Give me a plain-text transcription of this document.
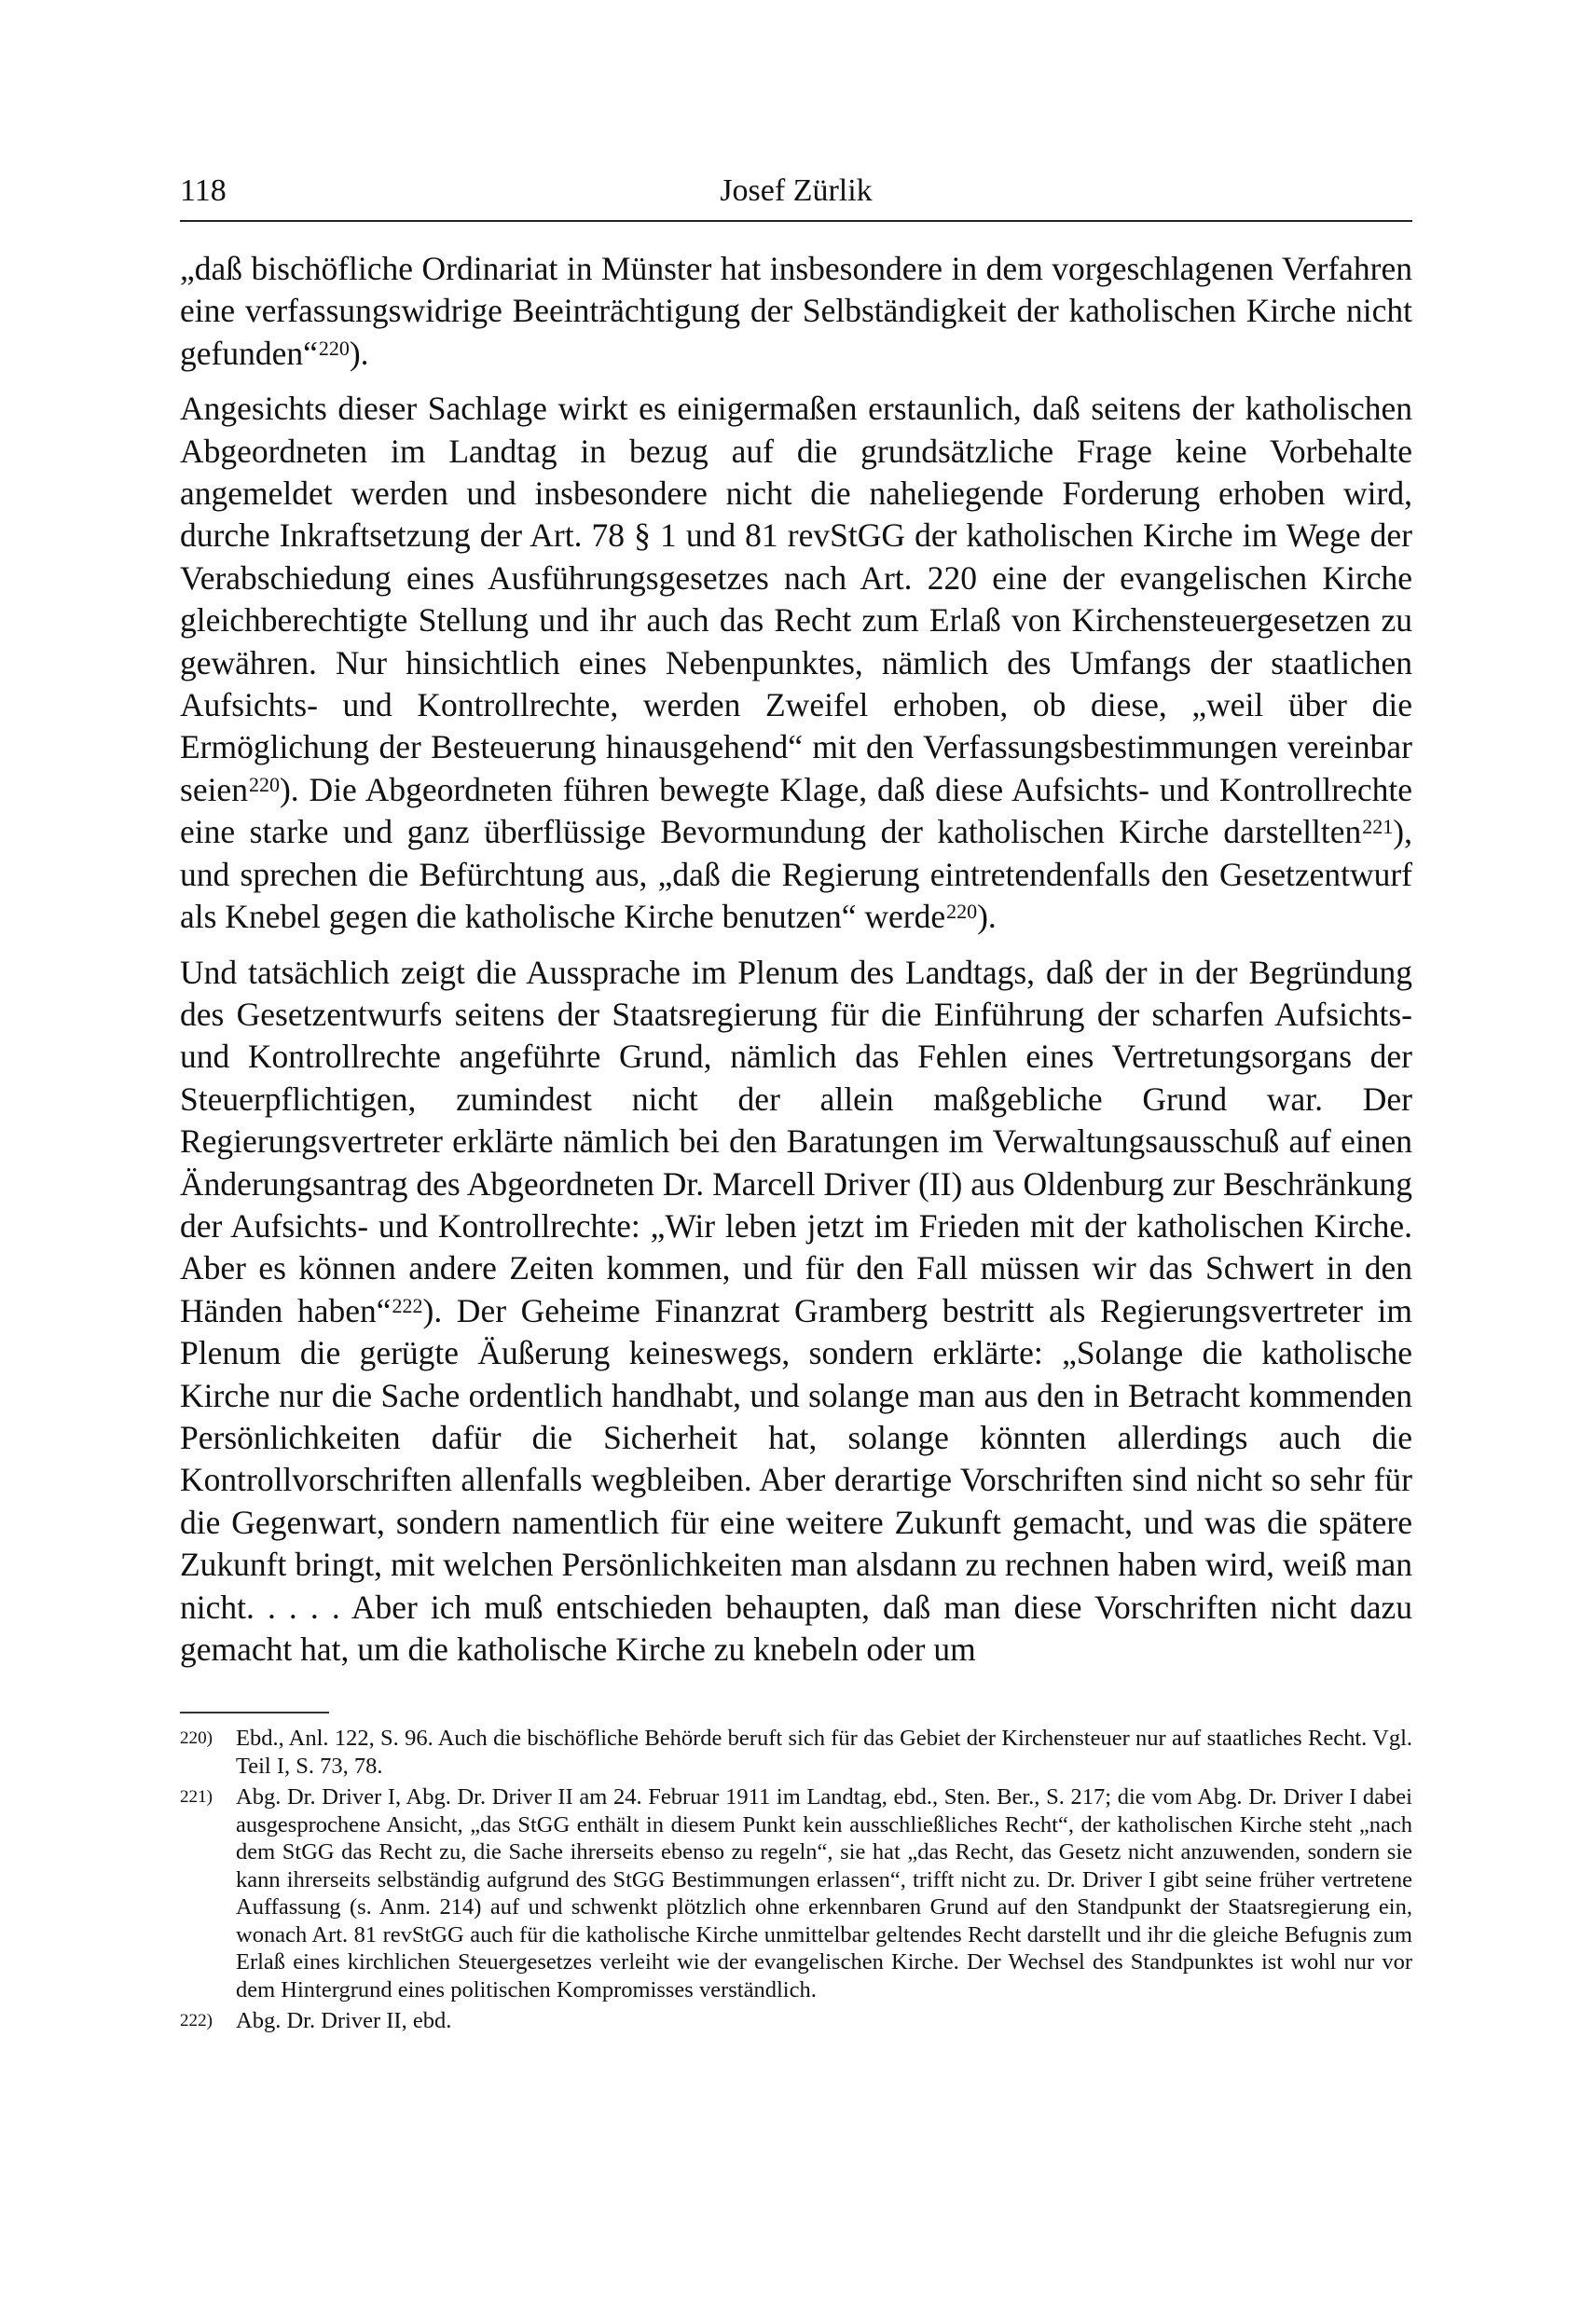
118	Josef Zürlik

„daß bischöfliche Ordinariat in Münster hat insbesondere in dem vorgeschlagenen Verfahren eine verfassungswidrige Beeinträchtigung der Selbständigkeit der katholischen Kirche nicht gefunden“$^{220}$).

Angesichts dieser Sachlage wirkt es einigermaßen erstaunlich, daß seitens der katholischen Abgeordneten im Landtag in bezug auf die grundsätzliche Frage keine Vorbehalte angemeldet werden und insbesondere nicht die naheliegende Forderung erhoben wird, durche Inkraftsetzung der Art. 78 § 1 und 81 revStGG der katholischen Kirche im Wege der Verabschiedung eines Ausführungsgesetzes nach Art. 220 eine der evangelischen Kirche gleichberechtigte Stellung und ihr auch das Recht zum Erlaß von Kirchensteuergesetzen zu gewähren. Nur hinsichtlich eines Nebenpunktes, nämlich des Umfangs der staatlichen Aufsichts- und Kontrollrechte, werden Zweifel erhoben, ob diese, „weil über die Ermöglichung der Besteuerung hinausgehend“ mit den Verfassungsbestimmungen vereinbar seien$^{220}$). Die Abgeordneten führen bewegte Klage, daß diese Aufsichts- und Kontrollrechte eine starke und ganz überflüssige Bevormundung der katholischen Kirche darstellten$^{221}$), und sprechen die Befürchtung aus, „daß die Regierung eintretendenfalls den Gesetzentwurf als Knebel gegen die katholische Kirche benutzen“ werde$^{220}$).

Und tatsächlich zeigt die Aussprache im Plenum des Landtags, daß der in der Begründung des Gesetzentwurfs seitens der Staatsregierung für die Einführung der scharfen Aufsichts- und Kontrollrechte angeführte Grund, nämlich das Fehlen eines Vertretungsorgans der Steuerpflichtigen, zumindest nicht der allein maßgebliche Grund war. Der Regierungsvertreter erklärte nämlich bei den Baratungen im Verwaltungsausschuß auf einen Änderungsantrag des Abgeordneten Dr. Marcell Driver (II) aus Oldenburg zur Beschränkung der Aufsichts- und Kontrollrechte: „Wir leben jetzt im Frieden mit der katholischen Kirche. Aber es können andere Zeiten kommen, und für den Fall müssen wir das Schwert in den Händen haben“$^{222}$). Der Geheime Finanzrat Gramberg bestritt als Regierungsvertreter im Plenum die gerügte Äußerung keineswegs, sondern erklärte: „Solange die katholische Kirche nur die Sache ordentlich handhabt, und solange man aus den in Betracht kommenden Persönlichkeiten dafür die Sicherheit hat, solange könnten allerdings auch die Kontrollvorschriften allenfalls wegbleiben. Aber derartige Vorschriften sind nicht so sehr für die Gegenwart, sondern namentlich für eine weitere Zukunft gemacht, und was die spätere Zukunft bringt, mit welchen Persönlichkeiten man alsdann zu rechnen haben wird, weiß man nicht. . . . . Aber ich muß entschieden behaupten, daß man diese Vorschriften nicht dazu gemacht hat, um die katholische Kirche zu knebeln oder um

220) Ebd., Anl. 122, S. 96. Auch die bischöfliche Behörde beruft sich für das Gebiet der Kirchensteuer nur auf staatliches Recht. Vgl. Teil I, S. 73, 78.
221) Abg. Dr. Driver I, Abg. Dr. Driver II am 24. Februar 1911 im Landtag, ebd., Sten. Ber., S. 217; die vom Abg. Dr. Driver I dabei ausgesprochene Ansicht, „das StGG enthält in diesem Punkt kein ausschließliches Recht“, der katholischen Kirche steht „nach dem StGG das Recht zu, die Sache ihrerseits ebenso zu regeln“, sie hat „das Recht, das Gesetz nicht anzuwenden, sondern sie kann ihrerseits selbständig aufgrund des StGG Bestimmungen erlassen“, trifft nicht zu. Dr. Driver I gibt seine früher vertretene Auffassung (s. Anm. 214) auf und schwenkt plötzlich ohne erkennbaren Grund auf den Standpunkt der Staatsregierung ein, wonach Art. 81 revStGG auch für die katholische Kirche unmittelbar geltendes Recht darstellt und ihr die gleiche Befugnis zum Erlaß eines kirchlichen Steuergesetzes verleiht wie der evangelischen Kirche. Der Wechsel des Standpunktes ist wohl nur vor dem Hintergrund eines politischen Kompromisses verständlich.
222) Abg. Dr. Driver II, ebd.
